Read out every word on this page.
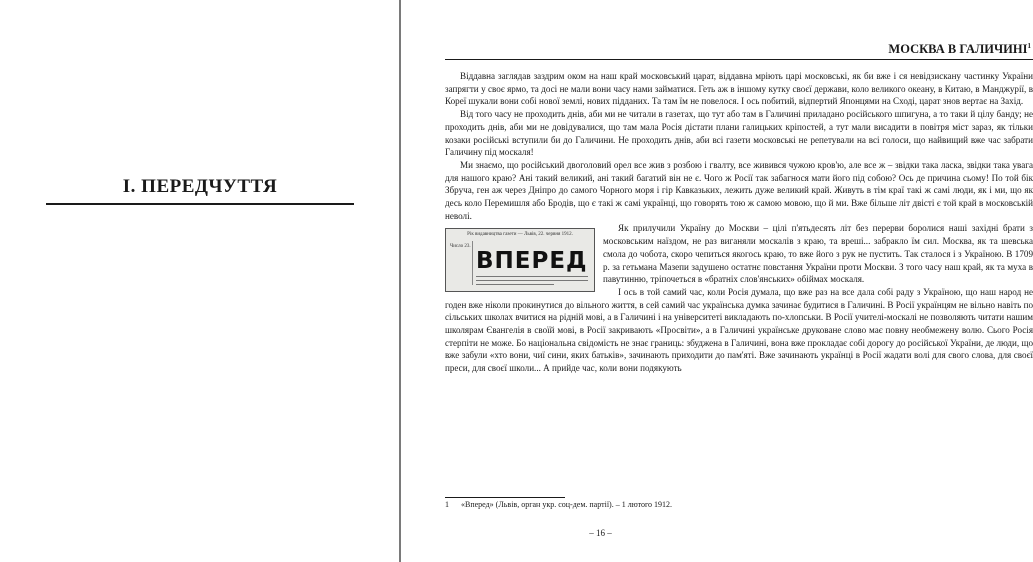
І. ПЕРЕДЧУТТЯ
МОСКВА В ГАЛИЧИНІ$^1$

Віддавна заглядав заздрим оком на наш край московський царат, віддавна мріють царі московські, як би вже і ся невідзискану частинку України запрягти у своє ярмо, та досі не мали вони часу нами займатися. Геть аж в іншому кутку своєї держави, коло великого океану, в Китаю, в Манджурії, в Кореї шукали вони собі нової землі, нових підданих. Та там їм не повелося. І ось побитий, відпертий Японцями на Сході, царат знов вертає на Захід.

Від того часу не проходить днів, аби ми не читали в газетах, що тут або там в Галичині приладано російського шпигуна, а то таки й цілу банду; не проходить днів, аби ми не довідувалися, що там мала Росія дістати плани галицьких кріпостей, а тут мали висадити в повітря міст зараз, як тільки козаки російські вступили би до Галичини. Не проходить днів, аби всі газети московські не репетували на всі голоси, що найвищий вже час забрати Галичину під москаля!

Ми знаємо, що російський двоголовий орел все жив з розбою і гвалту, все живився чужою кров'ю, але все ж – звідки така ласка, звідки така увага для нашого краю? Ані такий великий, ані такий багатий він не є. Чого ж Росії так забагнося мати його під собою? Ось де причина сьому! По той бік Збруча, ген аж через Дніпро до самого Чорного моря і гір Кавказьких, лежить дуже великий край. Живуть в тім краї такі ж самі люди, як і ми, що як десь коло Перемишля або Бродів, що є такі ж самі українці, що говорять тою ж самою мовою, що й ми. Вже більше літ двісті є той край в московській неволі.

Рік видавництва газети — Львів, 22. червня 1912.
Число 23.
ВПЕРЕД

Як прилучили Україну до Москви – цілі п'ятьдесять літ без перерви боролися наші західні брати з московським наїздом, не раз виганяли москалів з краю, та вреші... забракло їм сил. Москва, як та шевська смола до чобота, скоро чепиться якогось краю, то вже його з рук не пустить. Так сталося і з Україною. В 1709 р. за гетьмана Мазепи задушено остатнє повстання України проти Москви. З того часу наш край, як та муха в павутинню, тріпочеться в «братніх слов'янських» обіймах москаля.

І ось в той самий час, коли Росія думала, що вже раз на все дала собі раду з Україною, що наш народ не годен вже ніколи прокинутися до вільного життя, в сей самий час українська думка зачинає будитися в Галичині. В Росії українцям не вільно навіть по сільських школах вчитися на рідній мові, а в Галичині і на університеті викладають по-хлопськи. В Росії учителі-москалі не позволяють читати нашим школярам Євангелія в своїй мові, в Росії закривають «Просвіти», а в Галичині українське друковане слово має повну необмежену волю. Сього Росія стерпіти не може. Бо національна свідомість не знає границь: збуджена в Галичині, вона вже прокладає собі дорогу до російської України, де люди, що вже забули «хто вони, чиї сини, яких батьків», зачинають приходити до пам'яті. Вже зачинають українці в Росії жадати волі для свого слова, для своєї преси, для своєї школи... А прийде час, коли вони подякують

1 «Вперед» (Львів, орган укр. соц-дем. партії). – 1 лютого 1912.
– 16 –
